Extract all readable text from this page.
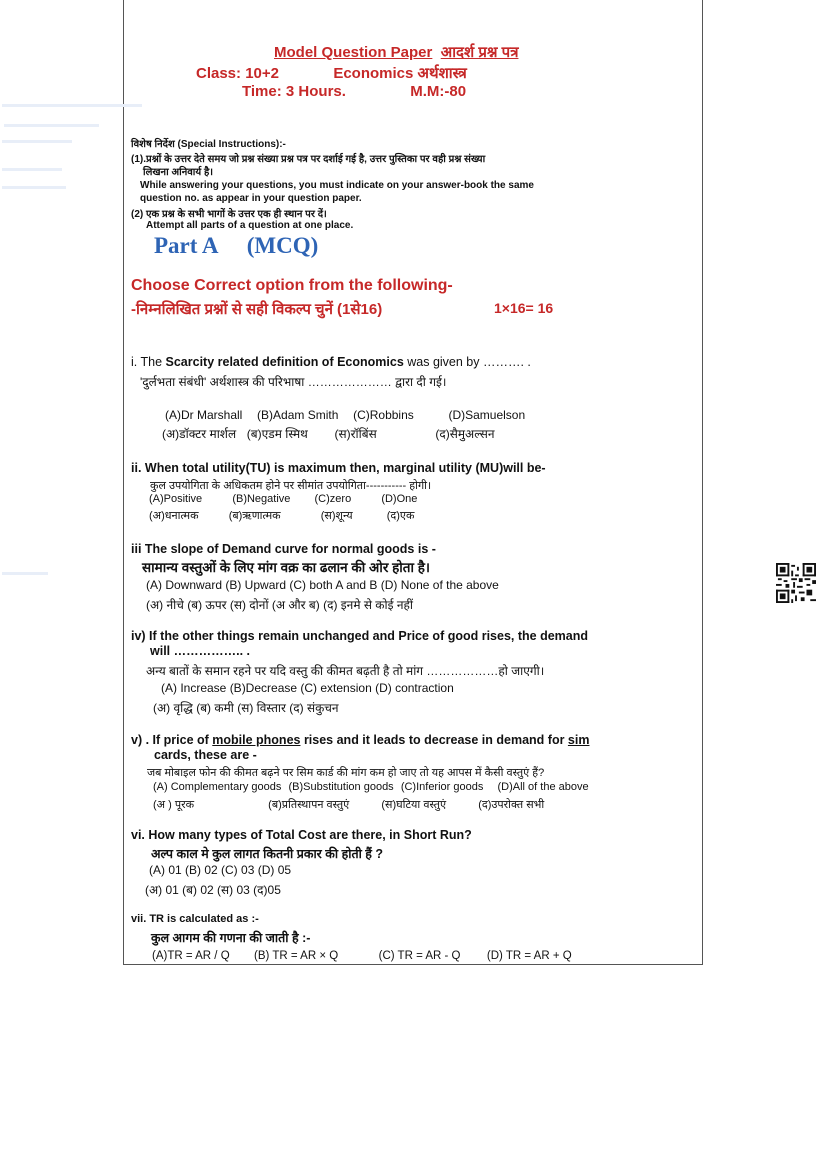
Model Question Paper आदर्श प्रश्न पत्र
Class: 10+2	Economics अर्थशास्त्र
Time: 3 Hours.	M.M:-80
विशेष निर्देश (Special Instructions):-
(1).प्रश्नों के उत्तर देते समय जो प्रश्न संख्या प्रश्न पत्र पर दर्शाई गई है, उत्तर पुस्तिका पर वही प्रश्न संख्या
लिखना अनिवार्य है।
While answering your questions, you must indicate on your answer-book the same
question no. as appear in your question paper.
(2) एक प्रश्न के सभी भागों के उत्तर एक ही स्थान पर दें।
Attempt all parts of a question at one place.
Part A (MCQ)
Choose Correct option from the following-
-निम्नलिखित प्रश्नों से सही विकल्प चुनें (1से16)	1×16= 16
i. The Scarcity related definition of Economics was given by ………. .
'दुर्लभता संबंधी' अर्थशास्त्र की परिभाषा ………………… द्वारा दी गई।
(A)Dr Marshall (B)Adam Smith (C)Robbins	(D)Samuelson
(अ)डॉक्टर मार्शल (ब)एडम स्मिथ (स)रॉबिंस	(द)सैमुअल्सन
ii. When total utility(TU) is maximum then, marginal utility (MU)will be-
कुल उपयोगिता के अधिकतम होने पर सीमांत उपयोगिता----------- होगी।
(A)Positive	(B)Negative (C)zero	(D)One
(अ)धनात्मक	(ब)ऋणात्मक	(स)शून्य	(द)एक
iii The slope of Demand curve for normal goods is -
सामान्य वस्तुओं के लिए मांग वक्र का ढलान की ओर होता है।
(A) Downward (B) Upward (C) both A and B (D) None of the above
(अ) नीचे (ब) ऊपर (स) दोनों (अ और ब) (द) इनमे से कोई नहीं
iv) If the other things remain unchanged and Price of good rises, the demand
will …………….. .
अन्य बातों के समान रहने पर यदि वस्तु की कीमत बढ़ती है तो मांग ………………हो जाएगी।
(A) Increase (B)Decrease (C) extension (D) contraction
(अ) वृद्धि (ब) कमी (स) विस्तार (द) संकुचन
v) . If price of mobile phones rises and it leads to decrease in demand for sim
cards, these are -
जब मोबाइल फोन की कीमत बढ़ने पर सिम कार्ड की मांग कम हो जाए तो यह आपस में कैसी वस्तुएं हैं?
(A) Complementary goods (B)Substitution goods (C)Inferior goods (D)All of the above
(अ ) पूरक	(ब)प्रतिस्थापन वस्तुएं	(स)घटिया वस्तुएं	(द)उपरोक्त सभी
vi. How many types of Total Cost are there, in Short Run?
अल्प काल मे कुल लागत कितनी प्रकार की होती हैं ?
(A) 01 (B) 02 (C) 03 (D) 05
(अ) 01 (ब) 02 (स) 03 (द)05
vii. TR is calculated as :-
कुल आगम की गणना की जाती है :-
(A)TR = AR / Q (B) TR = AR × Q	(C) TR = AR - Q (D) TR = AR + Q
